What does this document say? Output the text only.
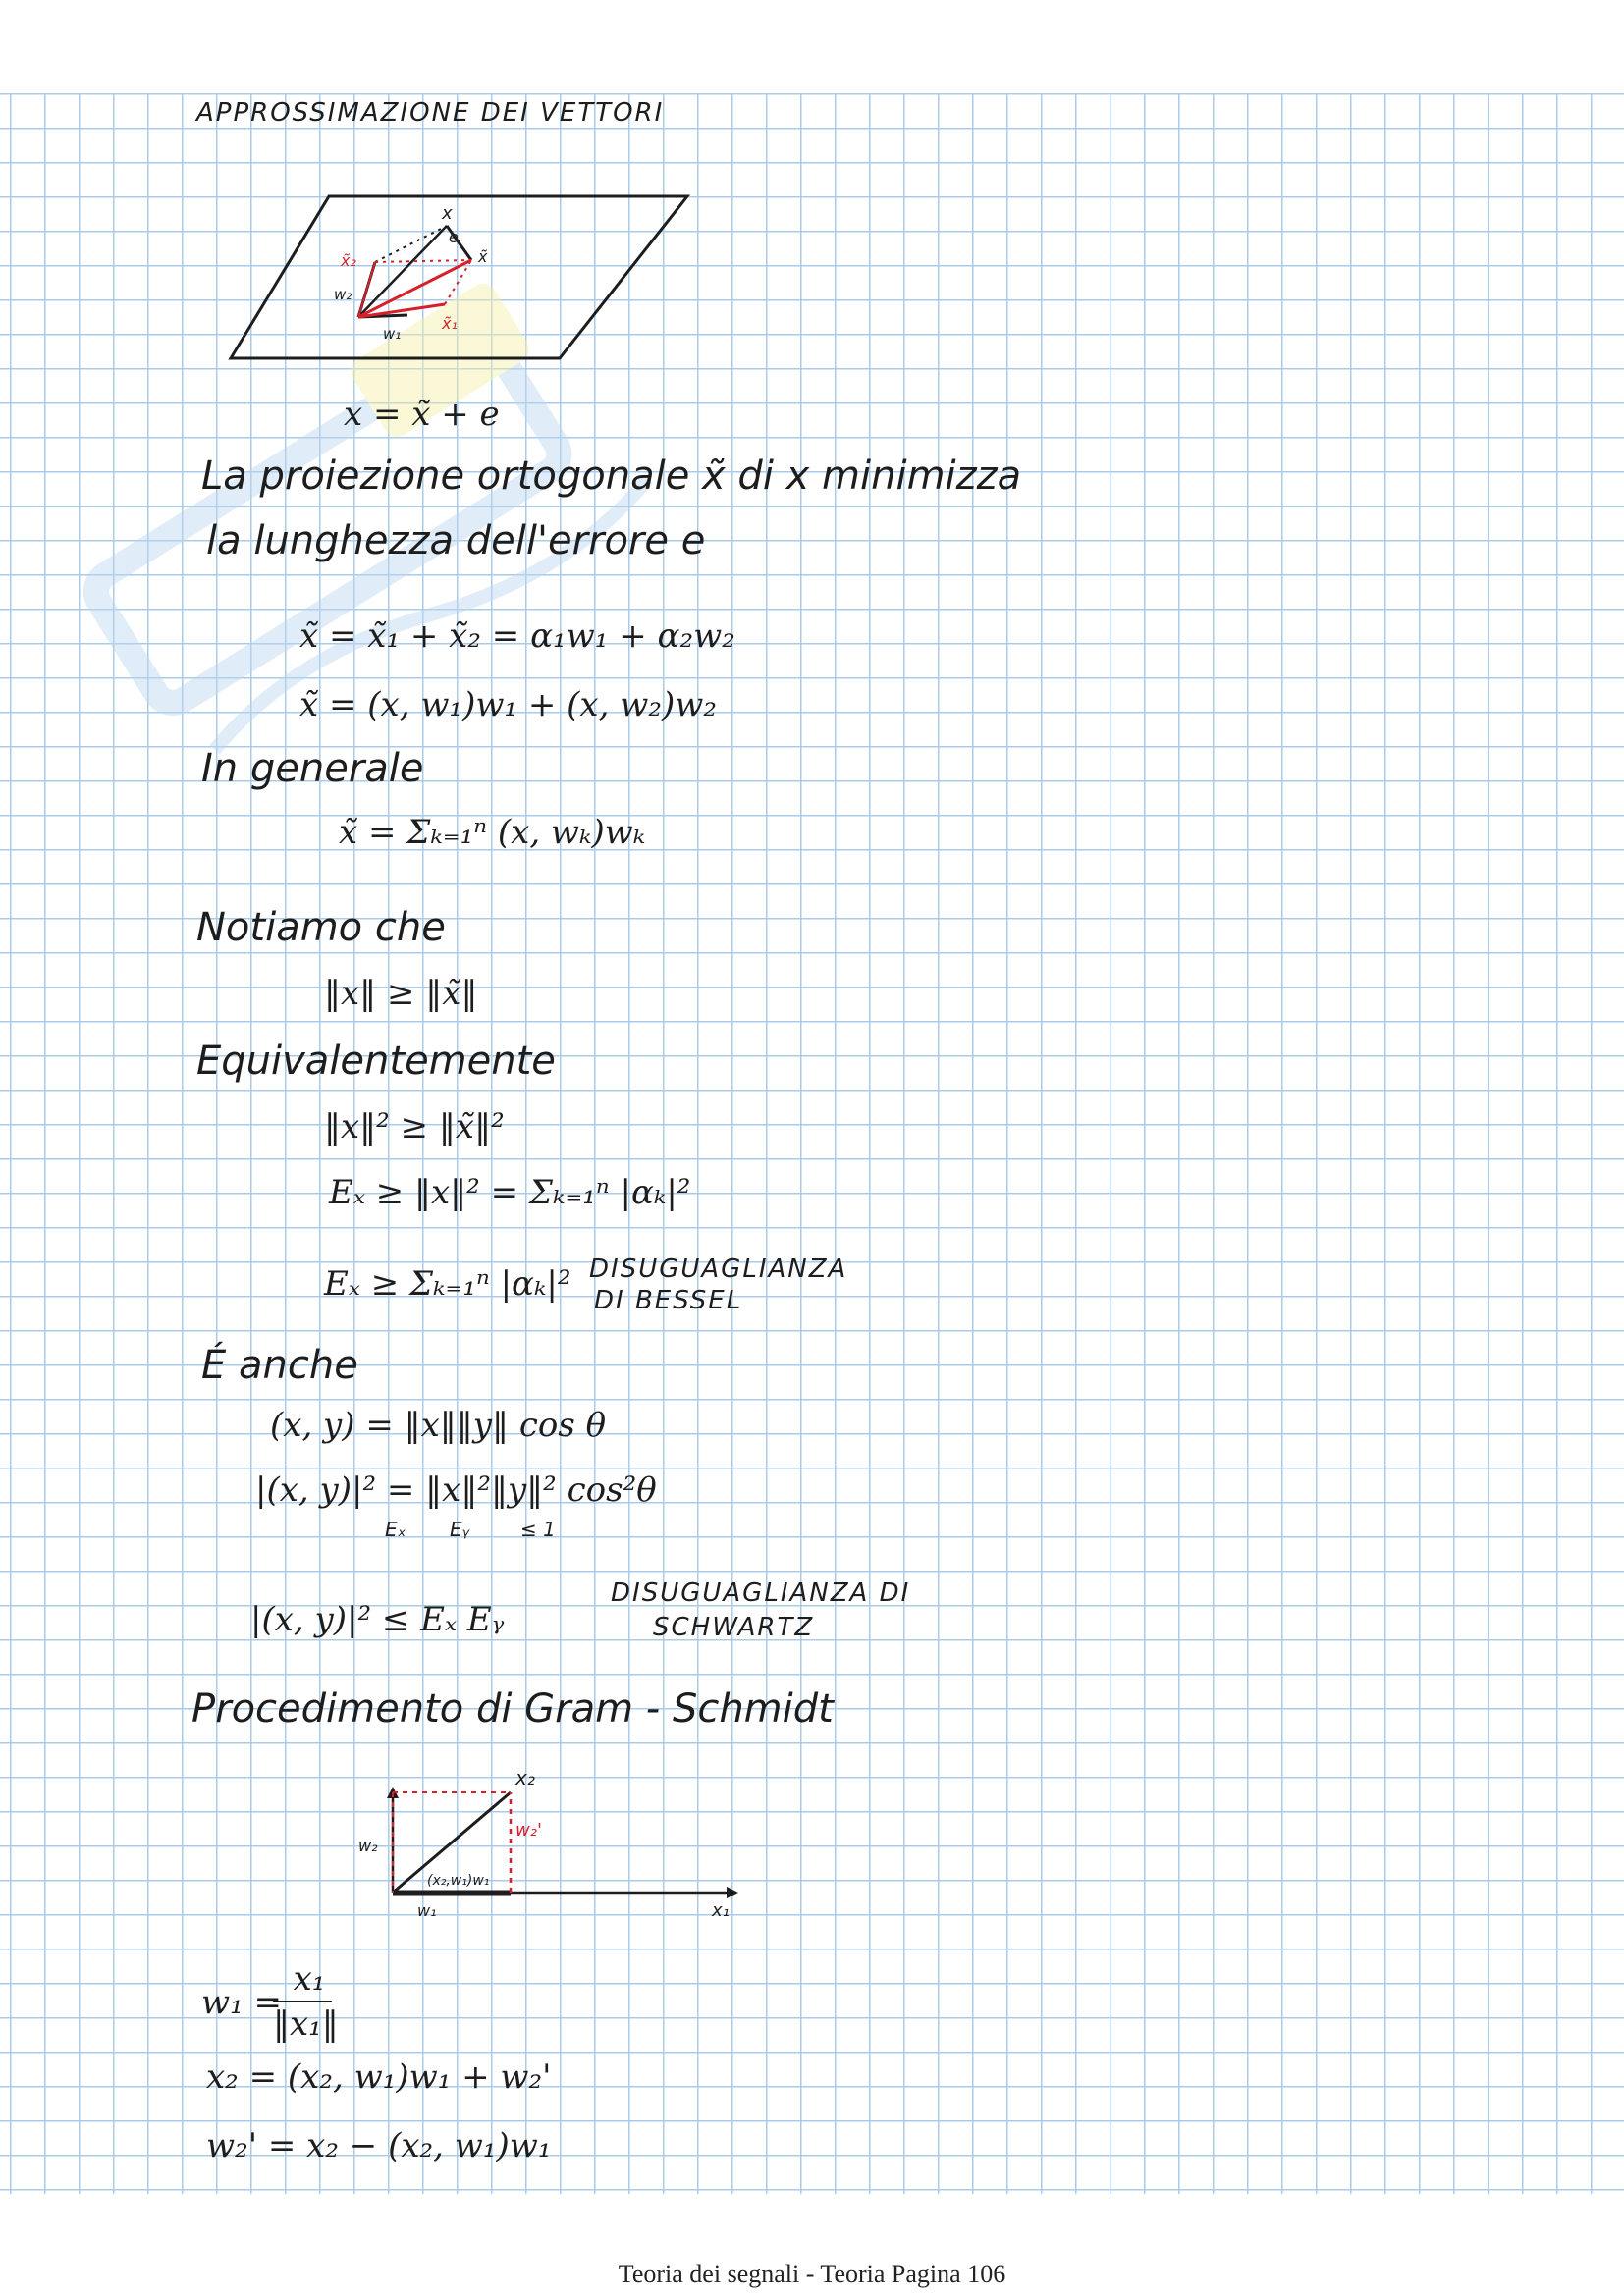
APPROSSIMAZIONE DEI VETTORI
x
e
x̃
x̃₂
x̃₁
w₂
w₁
x = x̃ + e
La proiezione ortogonale x̃ di x minimizza
la lunghezza dell'errore e
x̃ = x̃₁ + x̃₂ = α₁w₁ + α₂w₂
x̃ = (x, w₁)w₁ + (x, w₂)w₂
In generale
x̃ = Σₖ₌₁ⁿ (x, wₖ)wₖ
Notiamo che
‖x‖ ≥ ‖x̃‖
Equivalentemente
‖x‖² ≥ ‖x̃‖²
Eₓ ≥ ‖x‖² = Σₖ₌₁ⁿ |αₖ|²
Eₓ ≥ Σₖ₌₁ⁿ |αₖ|² DISUGUAGLIANZA
DI BESSEL
É anche
(x, y) = ‖x‖‖y‖ cos θ
|(x, y)|² = ‖x‖²‖y‖² cos²θ
Eₓ Eᵧ	≤ 1
|(x, y)|² ≤ Eₓ Eᵧ
DISUGUAGLIANZA DI
SCHWARTZ
Procedimento di Gram - Schmidt
x₂
w₂'
w₂
(x₂,w₁)w₁
w₁	x₁
w₁ =
x₁
‖x₁‖
x₂ = (x₂, w₁)w₁ + w₂'
w₂' = x₂ − (x₂, w₁)w₁
Teoria dei segnali - Teoria Pagina 106
